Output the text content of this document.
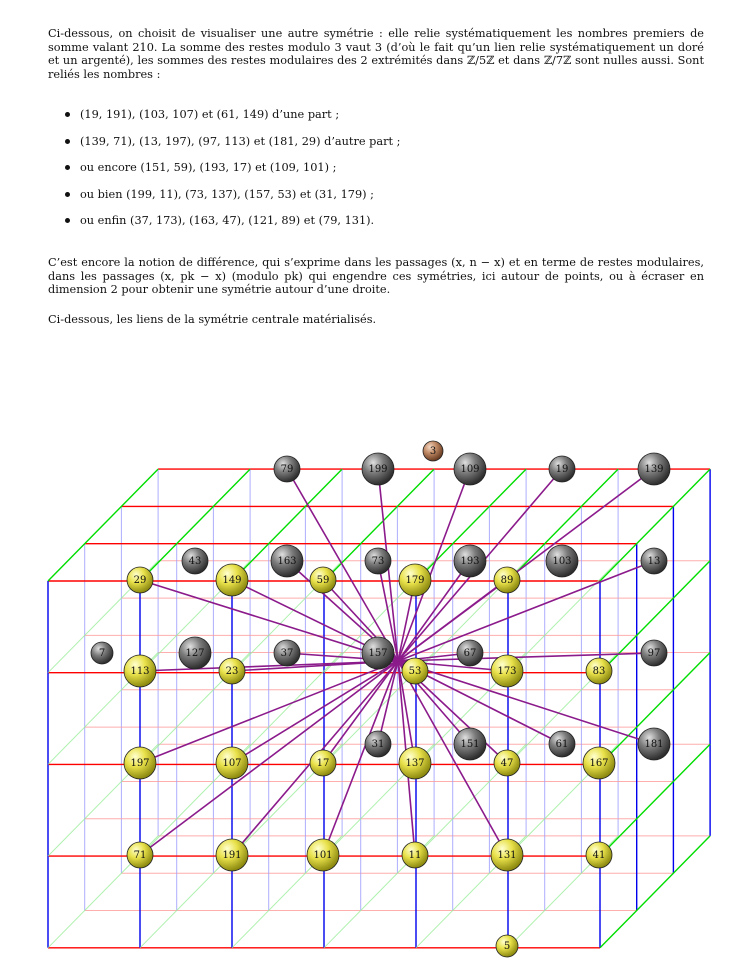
Ci-dessous, on choisit de visualiser une autre symétrie : elle relie systématiquement les nombres premiers de somme valant 210. La somme des restes modulo 3 vaut 3 (d’où le fait qu’un lien relie systématiquement un doré et un argenté), les sommes des restes modulaires des 2 extrémités dans ℤ/5ℤ et dans ℤ/7ℤ sont nulles aussi. Sont reliés les nombres :

(19, 191), (103, 107) et (61, 149) d’une part ;
(139, 71), (13, 197), (97, 113) et (181, 29) d’autre part ;
ou encore (151, 59), (193, 17) et (109, 101) ;
ou bien (199, 11), (73, 137), (157, 53) et (31, 179) ;
ou enfin (37, 173), (163, 47), (121, 89) et (79, 131).

C’est encore la notion de différence, qui s’exprime dans les passages (x, n − x) et en terme de restes modulaires, dans les passages (x, pk − x) (modulo pk) qui engendre ces symétries, ici autour de points, ou à écraser en dimension 2 pour obtenir une symétrie autour d’une droite.

Ci-dessous, les liens de la symétrie centrale matérialisés.

3
79	199	109	19	139
43	163	73	193	103	13
7	127	37	157	67	97
31	151	61	181
29	149	59	179	89
113	23	53	173	83
197	107	17	137	47	167
71	191	101	11	131	41
5
